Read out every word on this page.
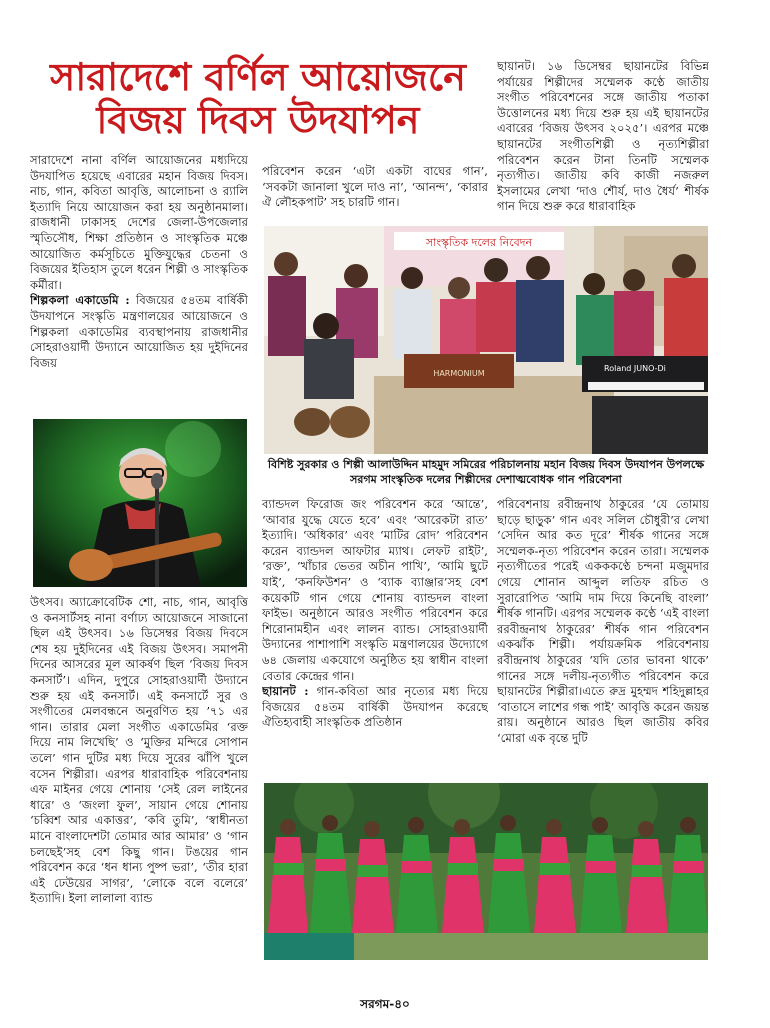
সারাদেশে বর্ণিল আয়োজনে
বিজয় দিবস উদযাপন

ছায়ানট। ১৬ ডিসেম্বর ছায়ানটের বিভিন্ন পর্যায়ের শিল্পীদের সম্মেলক কণ্ঠে জাতীয় সংগীত পরিবেশনের সঙ্গে জাতীয় পতাকা উত্তোলনের মধ্য দিয়ে শুরু হয় এই ছায়ানটের এবারের ‘বিজয় উৎসব ২০২৫’। এরপর মঞ্চে ছায়ানটের সংগীতশিল্পী ও নৃত্যশিল্পীরা পরিবেশন করেন টানা তিনটি সম্মেলক নৃত্যগীত। জাতীয় কবি কাজী নজরুল ইসলামের লেখা ‘দাও শৌর্য, দাও ধৈর্য’ শীর্ষক গান দিয়ে শুরু করে ধারাবাহিক

সারাদেশে নানা বর্ণিল আয়োজনের মধ্যদিয়ে উদযাপিত হয়েছে এবারের মহান বিজয় দিবস। নাচ, গান, কবিতা আবৃত্তি, আলোচনা ও র‍্যালি ইত্যাদি নিয়ে আয়োজন করা হয় অনুষ্ঠানমালা। রাজধানী ঢাকাসহ দেশের জেলা-উপজেলার স্মৃতিসৌধ, শিক্ষা প্রতিষ্ঠান ও সাংস্কৃতিক মঞ্চে আয়োজিত কর্মসূচিতে মুক্তিযুদ্ধের চেতনা ও বিজয়ের ইতিহাস তুলে ধরেন শিল্পী ও সাংস্কৃতিক কর্মীরা।

শিল্পকলা একাডেমি : বিজয়ের ৫৪তম বার্ষিকী উদযাপনে সংস্কৃতি মন্ত্রণালয়ের আয়োজনে ও শিল্পকলা একাডেমির ব্যবস্থাপনায় রাজধানীর সোহরাওয়ার্দী উদ্যানে আয়োজিত হয় দুইদিনের বিজয়

পরিবেশন করেন ‘এটা একটা বাঘের গান’, ‘সবকটা জানালা খুলে দাও না’, ‘আনন্দ’, ‘কারার ঐ লৌহকপাট’ সহ চারটি গান।

সাংস্কৃতিক দলের নিবেদন
HARMONIUM
Roland JUNO-Di
বিশিষ্ট সুরকার ও শিল্পী আলাউদ্দিন মাহমুদ সমিরের পরিচালনায় মহান বিজয় দিবস উদযাপন উপলক্ষে সরগম সাংস্কৃতিক দলের শিল্পীদের দেশাত্মবোধক গান পরিবেশনা

ব্যান্ডদল ফিরোজ জং পরিবেশন করে ‘আন্তে’, ‘আবার যুদ্ধে যেতে হবে’ এবং ‘আরেকটা রাত’ ইত্যাদি। ‘অধিকার’ এবং ‘মাটির রোদ’ পরিবেশন করেন ব্যান্ডদল আফটার ম্যাথ। লেফট রাইট’, ‘রক্ত’, ‘খাঁচার ভেতর অচীন পাখি’, ‘আমি ছুটে যাই’, ‘কনফিউশন’ ও ‘ব্যাক ব্যাঞ্জার’সহ বেশ কয়েকটি গান গেয়ে শোনায় ব্যান্ডদল বাংলা ফাইভ। অনুষ্ঠানে আরও সংগীত পরিবেশন করে শিরোনামহীন এবং লালন ব্যান্ড। সোহরাওয়ার্দী উদ্যানের পাশাপাশি সংস্কৃতি মন্ত্রণালয়ের উদ্যোগে ৬৪ জেলায় একযোগে অনুষ্ঠিত হয় স্বাধীন বাংলা বেতার কেন্দ্রের গান।

ছায়ানট : গান-কবিতা আর নৃত্যের মধ্য দিয়ে বিজয়ের ৫৪তম বার্ষিকী উদযাপন করেছে ঐতিহ্যবাহী সাংস্কৃতিক প্রতিষ্ঠান

পরিবেশনায় রবীন্দ্রনাথ ঠাকুরের ‘যে তোমায় ছাড়ে ছাড়ুক’ গান এবং সলিল চৌধুরী’র লেখা ‘সেদিন আর কত দূরে’ শীর্ষক গানের সঙ্গে সম্মেলক-নৃত্য পরিবেশন করেন তারা। সম্মেলক নৃত্যগীতের পরেই একককণ্ঠে চন্দনা মজুমদার গেয়ে শোনান আব্দুল লতিফ রচিত ও সুরারোপিত ‘আমি দাম দিয়ে কিনেছি বাংলা’ শীর্ষক গানটি। এরপর সম্মেলক কণ্ঠে ‘এই বাংলা ররবীন্দ্রনাথ ঠাকুরের’ শীর্ষক গান পরিবেশন একঝাঁক শিল্পী। পর্যায়ক্রমিক পরিবেশনায় রবীন্দ্রনাথ ঠাকুরের ‘যদি তোর ভাবনা থাকে’ গানের সঙ্গে দলীয়-নৃত্যগীত পরিবেশন করে ছায়ানটের শিল্পীরা।এতে রুদ্র মুহম্মদ শহিদুল্লাহর ‘বাতাসে লাশের গন্ধ পাই’ আবৃত্তি করেন জয়ন্ত রায়। অনুষ্ঠানে আরও ছিল জাতীয় কবির ‘মোরা এক বৃন্তে দুটি

উৎসব। অ্যাক্রোবেটিক শো, নাচ, গান, আবৃত্তি ও কনসার্টসহ নানা বর্ণাঢ্য আয়োজনে সাজানো ছিল এই উৎসব। ১৬ ডিসেম্বর বিজয় দিবসে শেষ হয় দুইদিনের এই বিজয় উৎসব। সমাপনী দিনের আসরের মূল আকর্ষণ ছিল ‘বিজয় দিবস কনসার্ট’। এদিন, দুপুরে সোহরাওয়ার্দী উদ্যানে শুরু হয় এই কনসার্ট। এই কনসার্টে সুর ও সংগীতের মেলবন্ধনে অনুরণিত হয় ’৭১ এর গান। তারার মেলা সংগীত একাডেমির ‘রক্ত দিয়ে নাম লিখেছি’ ও ‘মুক্তির মন্দিরে সোপান তলে’ গান দুটির মধ্য দিয়ে সুরের ঝাঁপি খুলে বসেন শিল্পীরা। এরপর ধারাবাহিক পরিবেশনায় এফ মাইনর গেয়ে শোনায় ‘সেই রেল লাইনের ধারে’ ও ‘জংলা ফুল’, সায়ান গেয়ে শোনায় ‘চব্বিশ আর একাত্তর’, ‘কবি তুমি’, ‘স্বাধীনতা মানে বাংলাদেশটা তোমার আর আমার’ ও ‘গান চলছেই’সহ বেশ কিছু গান। টঙয়ের গান পরিবেশন করে ‘ধন ধান্য পুষ্প ভরা’, ‘তীর হারা এই ঢেউয়ের সাগর’, ‘লোকে বলে বলেরে’ ইত্যাদি। ইলা লালালা ব্যান্ড

সরগম-৪০
